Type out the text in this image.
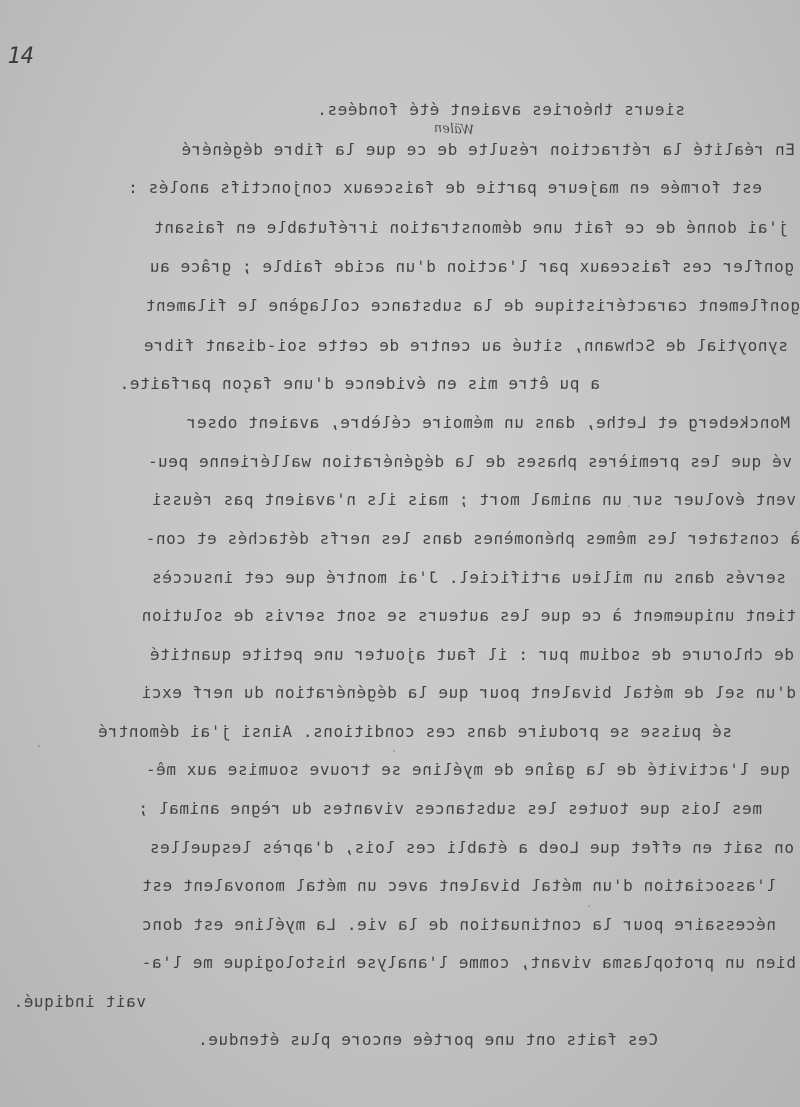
14
Wälen
sieurs théories avaient été fondées.
En réalité la rétraction résulte de ce que la fibre dégénéré
est formée en majeure partie de faisceaux conjonctifs anolés :
j'ai donné de ce fait une démonstration irréfutable en faisant
gonfler ces faisceaux par l'action d'un acide faible ; grâce au
gonflement caractéristique de la substance collagène le filament
synoytial de Schwann, situé au centre de cette soi-disant fibre
a pu être mis en évidence d'une façon parfaite.
Monckeberg et Lethe, dans un mémoire célèbre, avaient obser
vé que les premières phases de la dégénération wallérienne peu-
vent évoluer sur un animal mort ; mais ils n'avaient pas réussi
à constater les mêmes phénomènes dans les nerfs détachés et con-
servés dans un milieu artificiel. J'ai montré que cet insuccès
tient uniquement à ce que les auteurs se sont servis de solution
de chlorure de sodium pur : il faut ajouter une petite quantité
d'un sel de métal bivalent pour que la dégénération du nerf exci
sé puisse se produire dans ces conditions. Ainsi j'ai démontré
que l'activité de la gaîne de myéline se trouve soumise aux mê-
mes lois que toutes les substances vivantes du règne animal ;
on sait en effet que Loeb a établi ces lois, d'après lesquelles
l'association d'un métal bivalent avec un métal monovalent est
nécessaire pour la continuation de la vie. La myéline est donc
bien un protoplasma vivant, comme l'analyse histologique me l'a-
vait indiqué.
Ces faits ont une portée encore plus étendue.
